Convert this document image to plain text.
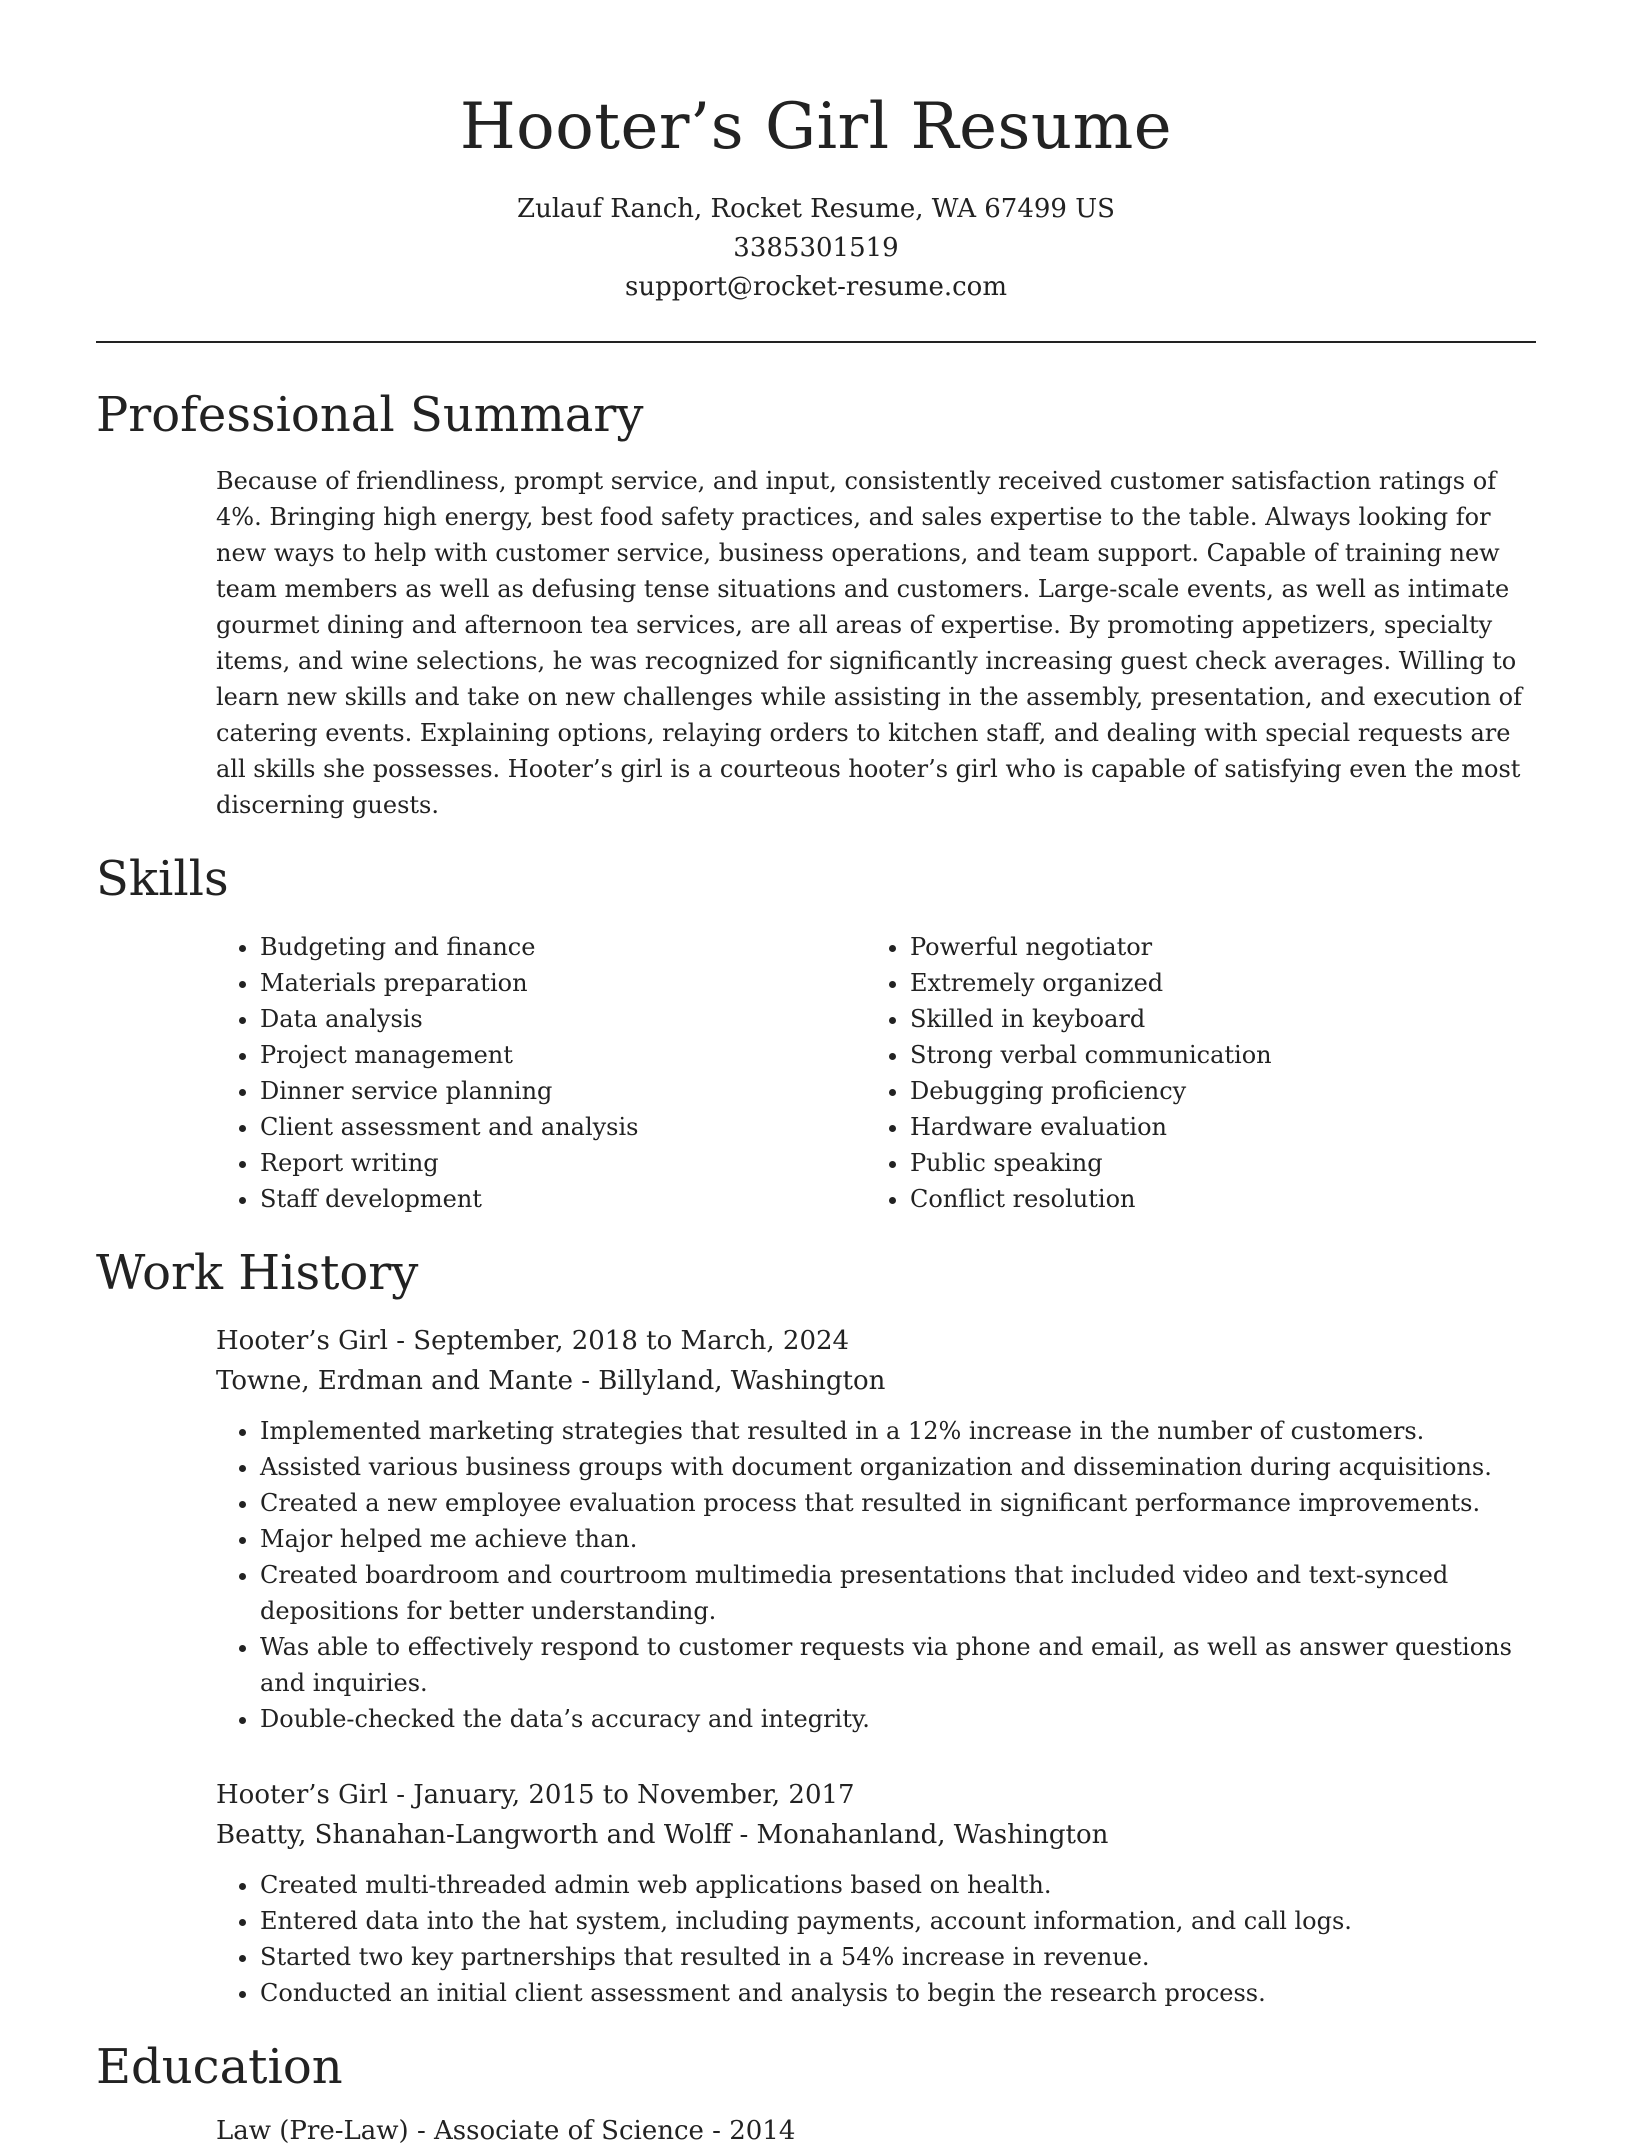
Hooter’s Girl Resume
Zulauf Ranch, Rocket Resume, WA 67499 US
3385301519
support@rocket-resume.com
Professional Summary

Because of friendliness, prompt service, and input, consistently received customer satisfaction ratings of 4%. Bringing high energy, best food safety practices, and sales expertise to the table. Always looking for new ways to help with customer service, business operations, and team support. Capable of training new team members as well as defusing tense situations and customers. Large-scale events, as well as intimate gourmet dining and afternoon tea services, are all areas of expertise. By promoting appetizers, specialty items, and wine selections, he was recognized for significantly increasing guest check averages. Willing to learn new skills and take on new challenges while assisting in the assembly, presentation, and execution of catering events. Explaining options, relaying orders to kitchen staff, and dealing with special requests are all skills she possesses. Hooter’s girl is a courteous hooter’s girl who is capable of satisfying even the most discerning guests.

Skills
• Budgeting and finance
• Materials preparation
• Data analysis
• Project management
• Dinner service planning
• Client assessment and analysis
• Report writing
• Staff development
• Powerful negotiator
• Extremely organized
• Skilled in keyboard
• Strong verbal communication
• Debugging proficiency
• Hardware evaluation
• Public speaking
• Conflict resolution
Work History
Hooter’s Girl - September, 2018 to March, 2024
Towne, Erdman and Mante - Billyland, Washington
• Implemented marketing strategies that resulted in a 12% increase in the number of customers.
• Assisted various business groups with document organization and dissemination during acquisitions.
• Created a new employee evaluation process that resulted in significant performance improvements.
• Major helped me achieve than.
• Created boardroom and courtroom multimedia presentations that included video and text-synced depositions for better understanding.
• Was able to effectively respond to customer requests via phone and email, as well as answer questions and inquiries.
• Double-checked the data’s accuracy and integrity.
Hooter’s Girl - January, 2015 to November, 2017
Beatty, Shanahan-Langworth and Wolff - Monahanland, Washington
• Created multi-threaded admin web applications based on health.
• Entered data into the hat system, including payments, account information, and call logs.
• Started two key partnerships that resulted in a 54% increase in revenue.
• Conducted an initial client assessment and analysis to begin the research process.
Education
Law (Pre-Law) - Associate of Science - 2014
